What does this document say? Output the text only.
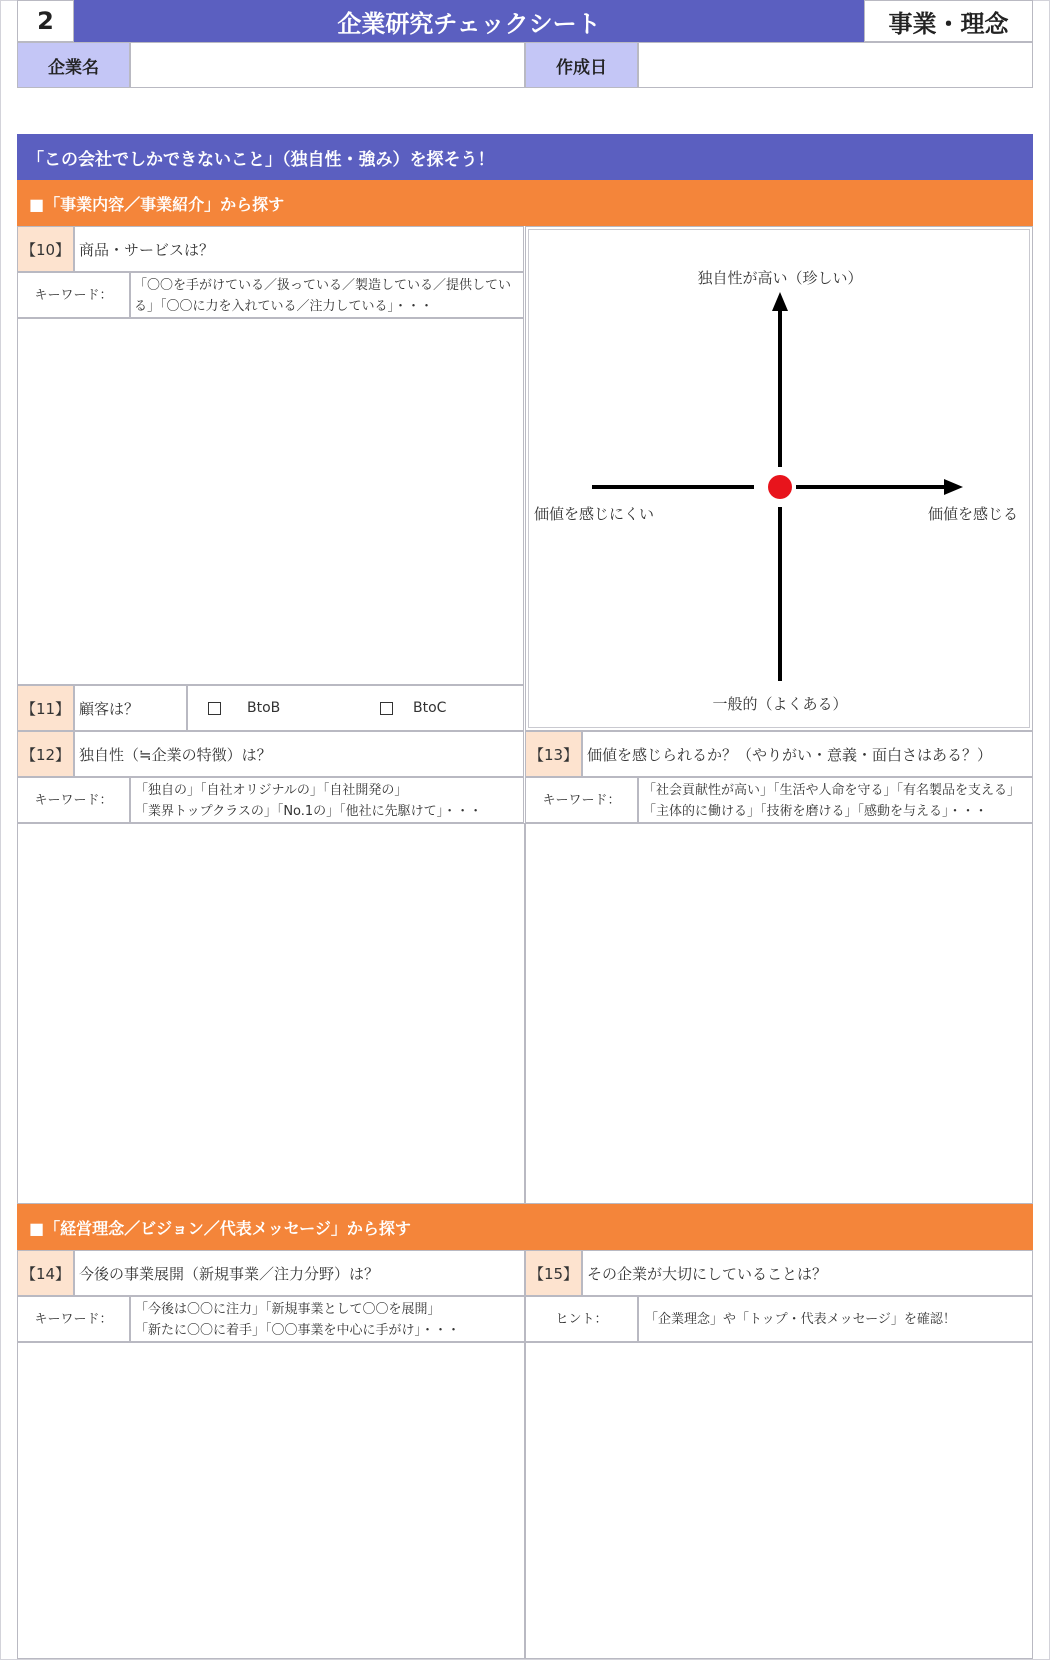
2	企業研究チェックシート	事業・理念
企業名	作成日
「この会社でしかできないこと」（独自性・強み）を探そう！
■「事業内容／事業紹介」から探す
【10】 商品・サービスは？
キーワード：
「〇〇を手がけている／扱っている／製造している／提供してい
る」「〇〇に力を入れている／注力している」・・・
【11】 顧客は？	BtoB	BtoC
独自性が高い（珍しい）
一般的（よくある）
価値を感じにくい	価値を感じる
【12】 独自性（≒企業の特徴）は？
キーワード：
「独自の」「自社オリジナルの」「自社開発の」
「業界トップクラスの」「No.1の」「他社に先駆けて」・・・
【13】 価値を感じられるか？（やりがい・意義・面白さはある？）
キーワード：
「社会貢献性が高い」「生活や人命を守る」「有名製品を支える」
「主体的に働ける」「技術を磨ける」「感動を与える」・・・
■「経営理念／ビジョン／代表メッセージ」から探す
【14】 今後の事業展開（新規事業／注力分野）は？
キーワード：
「今後は〇〇に注力」「新規事業として〇〇を展開」
「新たに〇〇に着手」「〇〇事業を中心に手がけ」・・・
【15】 その企業が大切にしていることは？
ヒント：	「企業理念」や「トップ・代表メッセージ」を確認！
